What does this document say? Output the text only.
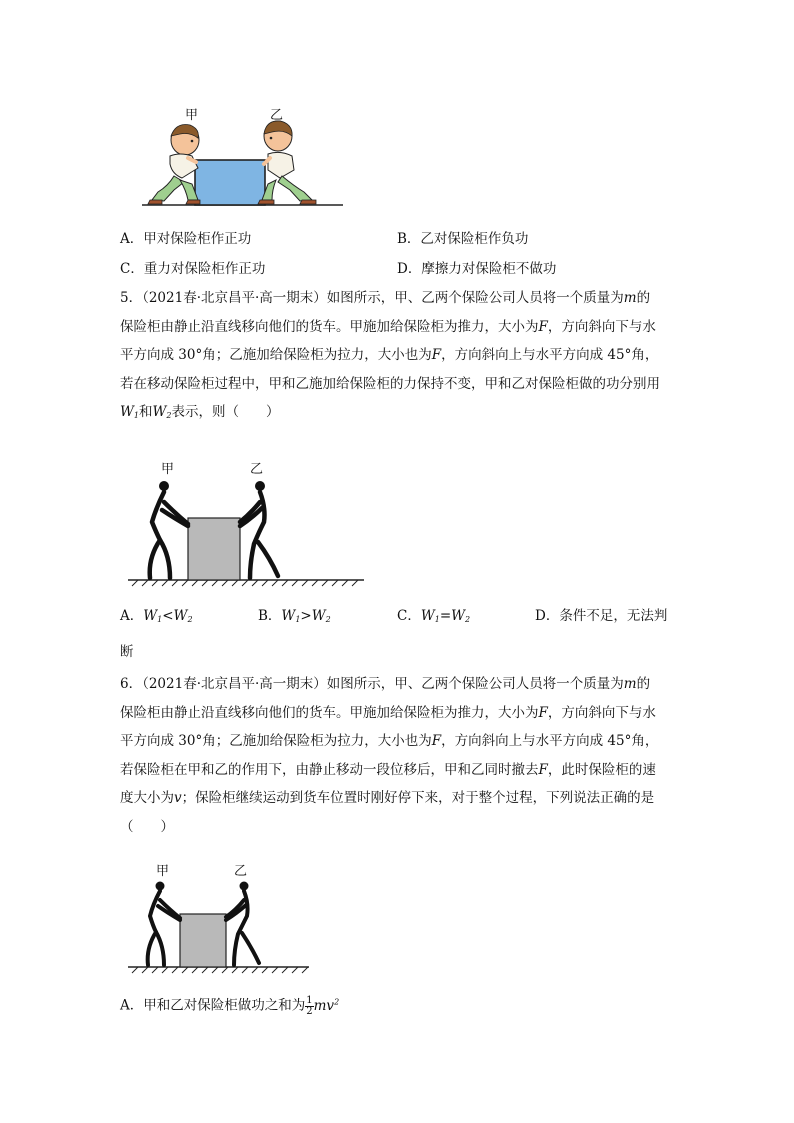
甲	乙
A．甲对保险柜作正功	B．乙对保险柜作负功
C．重力对保险柜作正功	D．摩擦力对保险柜不做功
5．（2021春·北京昌平·高一期末）如图所示，甲、乙两个保险公司人员将一个质量为m的
保险柜由静止沿直线移向他们的货车。甲施加给保险柜为推力，大小为F，方向斜向下与水
平方向成 30°角；乙施加给保险柜为拉力，大小也为F，方向斜向上与水平方向成 45°角，
若在移动保险柜过程中，甲和乙施加给保险柜的力保持不变，甲和乙对保险柜做的功分别用
$W_1$和$W_2$表示，则（　　）
甲	乙
A．$W_1<W_2$	B．$W_1>W_2$	C．$W_1=W_2$	D．条件不足，无法判
断
6．（2021春·北京昌平·高一期末）如图所示，甲、乙两个保险公司人员将一个质量为m的
保险柜由静止沿直线移向他们的货车。甲施加给保险柜为推力，大小为F，方向斜向下与水
平方向成 30°角；乙施加给保险柜为拉力，大小也为F，方向斜向上与水平方向成 45°角，
若保险柜在甲和乙的作用下，由静止移动一段位移后，甲和乙同时撤去F，此时保险柜的速
度大小为v；保险柜继续运动到货车位置时刚好停下来，对于整个过程，下列说法正确的是
（　　）
甲	乙
A．甲和乙对保险柜做功之和为 $\frac{1}{2} mv^2$
